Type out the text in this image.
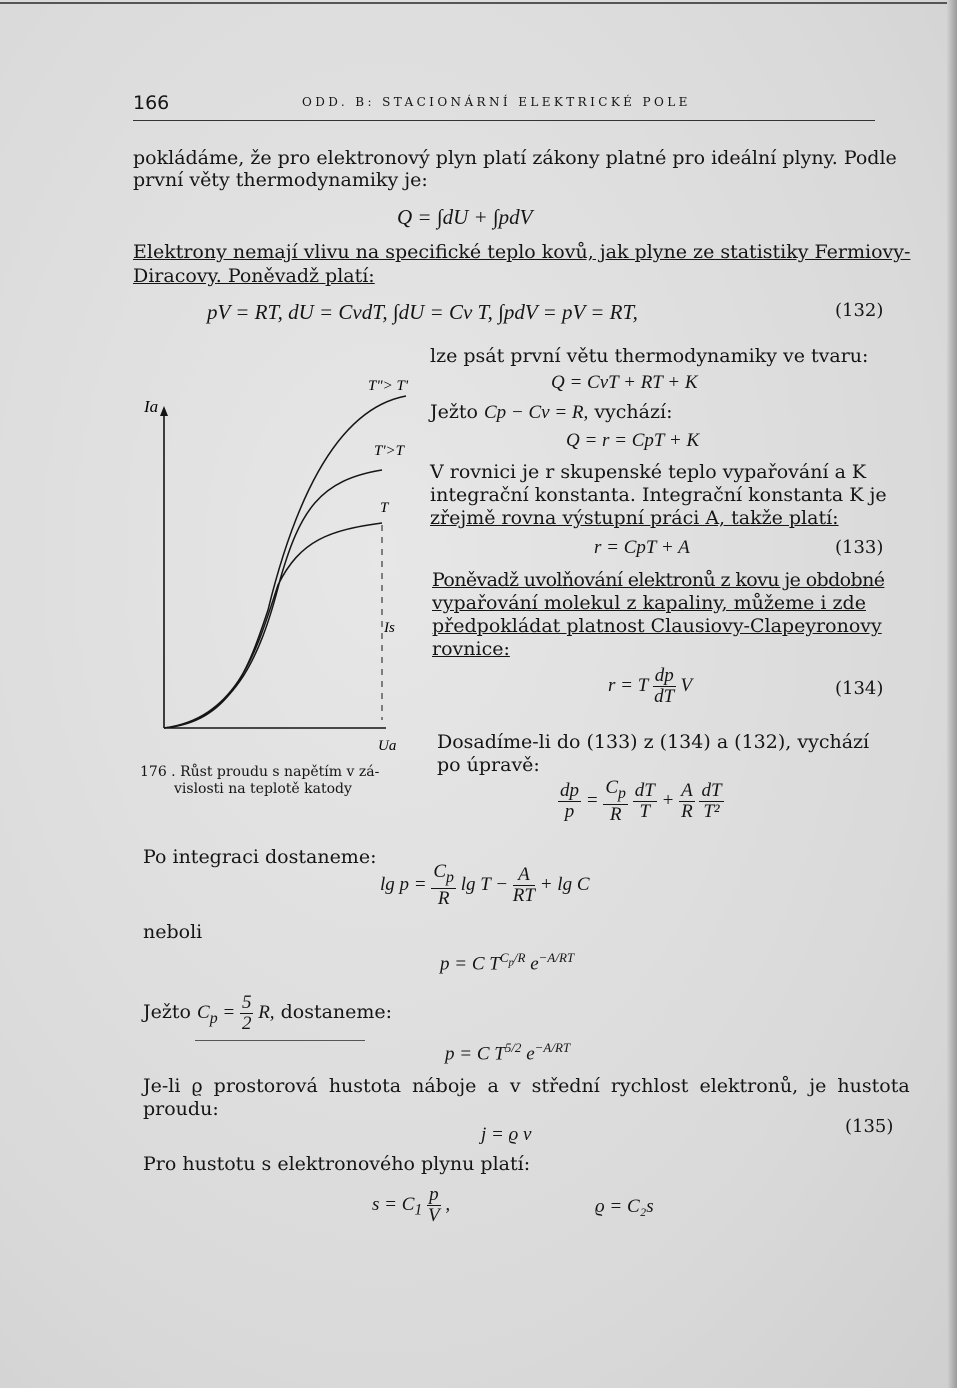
166	ODD. B: STACIONÁRNÍ ELEKTRICKÉ POLE
pokládáme, že pro elektronový plyn platí zákony platné pro ideální plyny. Podle
první věty thermodynamiky je:
Q = ∫dU + ∫pdV
Elektrony nemají vlivu na specifické teplo kovů, jak plyne ze statistiky Fermiovy-
Diracovy. Poněvadž platí:
pV = RT, dU = CvdT, ∫dU = Cv T, ∫pdV = pV = RT,	(132)
Ia
T"> T'
T'>T
T
Is
Ua
176 . Růst proudu s napětím v zá-
vislosti na teplotě katody
lze psát první větu thermodynamiky ve tvaru:
Q = CvT + RT + K
Ježto Cp − Cv = R, vychází:
Q = r = CpT + K
V rovnici je r skupenské teplo vypařování a K
integrační konstanta. Integrační konstanta K je
zřejmě rovna výstupní práci A, takže platí:
r = CpT + A	(133)
Poněvadž uvolňování elektronů z kovu je obdobné
vypařování molekul z kapaliny, můžeme i zde
předpokládat platnost Clausiovy-Clapeyronovy
rovnice:
r = T $\frac{dp}{dT}$ V	(134)
Dosadíme-li do (133) z (134) a (132), vychází
po úpravě:
$\frac{dp}{p} = \frac{C_p}{R}$
$\frac{dT}{T} + \frac{A}{R}$
$\frac{dT}{\text{T²}}$
Po integraci dostaneme:
$\lg p = \frac{C_p}{R}$ $\lg T - \frac{A}{RT} + \lg C$
neboli
p = C $T^{C_p/R}$ $e^{-A/RT}$
Ježto $C_p = \frac{5}{2} R$, dostaneme:
p = C $T^{5/2}$ $e^{-A/RT}$
Je-li ϱ prostorová hustota náboje a v střední rychlost elektronů, je hustota
proudu:
j = ϱ v	(135)
Pro hustotu s elektronového plynu platí:
$s = C_1 \frac{p}{V}$ ,	ϱ = C₂s
